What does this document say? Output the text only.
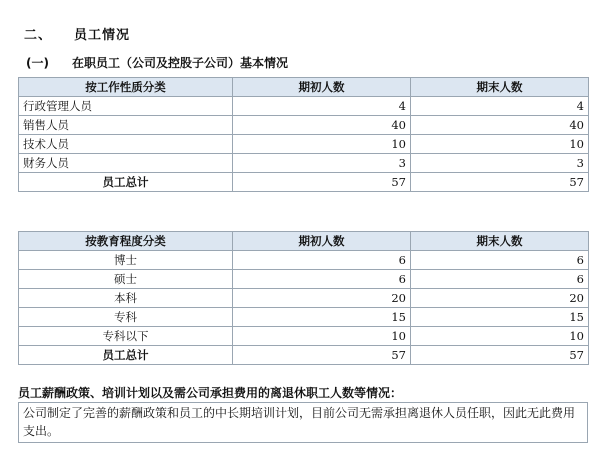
二、 员工情况
(一) 在职员工（公司及控股子公司）基本情况
按工作性质分类	期初人数	期末人数
行政管理人员	4	4
销售人员	40	40
技术人员	10	10
财务人员	3	3
员工总计	57	57
按教育程度分类	期初人数	期末人数
博士	6	6
硕士	6	6
本科	20	20
专科	15	15
专科以下	10	10
员工总计	57	57
员工薪酬政策、培训计划以及需公司承担费用的离退休职工人数等情况：
公司制定了完善的薪酬政策和员工的中长期培训计划，目前公司无需承担离退休人员任职，因此无此费用支出。
